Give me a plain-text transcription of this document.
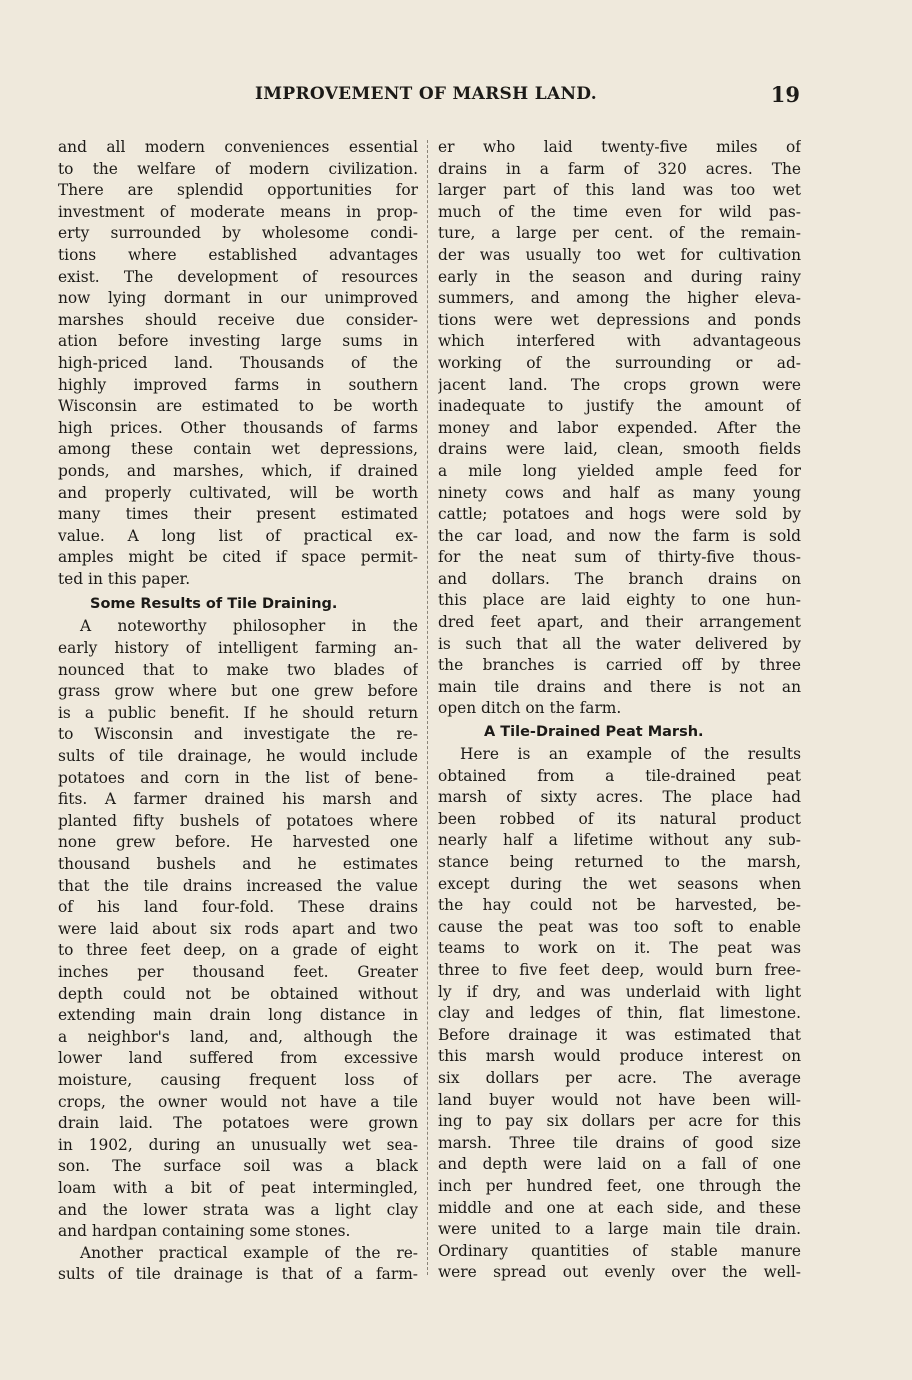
IMPROVEMENT OF MARSH LAND.	19
and all modern conveniences essential
to the welfare of modern civilization.
There are splendid opportunities for
investment of moderate means in prop-
erty surrounded by wholesome condi-
tions where established advantages
exist. The development of resources
now lying dormant in our unimproved
marshes should receive due consider-
ation before investing large sums in
high-priced land. Thousands of the
highly improved farms in southern
Wisconsin are estimated to be worth
high prices. Other thousands of farms
among these contain wet depressions,
ponds, and marshes, which, if drained
and properly cultivated, will be worth
many times their present estimated
value. A long list of practical ex-
amples might be cited if space permit-
ted in this paper.
Some Results of Tile Draining.
A noteworthy philosopher in the
early history of intelligent farming an-
nounced that to make two blades of
grass grow where but one grew before
is a public benefit. If he should return
to Wisconsin and investigate the re-
sults of tile drainage, he would include
potatoes and corn in the list of bene-
fits. A farmer drained his marsh and
planted fifty bushels of potatoes where
none grew before. He harvested one
thousand bushels and he estimates
that the tile drains increased the value
of his land four-fold. These drains
were laid about six rods apart and two
to three feet deep, on a grade of eight
inches per thousand feet. Greater
depth could not be obtained without
extending main drain long distance in
a neighbor's land, and, although the
lower land suffered from excessive
moisture, causing frequent loss of
crops, the owner would not have a tile
drain laid. The potatoes were grown
in 1902, during an unusually wet sea-
son. The surface soil was a black
loam with a bit of peat intermingled,
and the lower strata was a light clay
and hardpan containing some stones.
Another practical example of the re-
sults of tile drainage is that of a farm-
er who laid twenty-five miles of
drains in a farm of 320 acres. The
larger part of this land was too wet
much of the time even for wild pas-
ture, a large per cent. of the remain-
der was usually too wet for cultivation
early in the season and during rainy
summers, and among the higher eleva-
tions were wet depressions and ponds
which interfered with advantageous
working of the surrounding or ad-
jacent land. The crops grown were
inadequate to justify the amount of
money and labor expended. After the
drains were laid, clean, smooth fields
a mile long yielded ample feed for
ninety cows and half as many young
cattle; potatoes and hogs were sold by
the car load, and now the farm is sold
for the neat sum of thirty-five thous-
and dollars. The branch drains on
this place are laid eighty to one hun-
dred feet apart, and their arrangement
is such that all the water delivered by
the branches is carried off by three
main tile drains and there is not an
open ditch on the farm.
A Tile-Drained Peat Marsh.
Here is an example of the results
obtained from a tile-drained peat
marsh of sixty acres. The place had
been robbed of its natural product
nearly half a lifetime without any sub-
stance being returned to the marsh,
except during the wet seasons when
the hay could not be harvested, be-
cause the peat was too soft to enable
teams to work on it. The peat was
three to five feet deep, would burn free-
ly if dry, and was underlaid with light
clay and ledges of thin, flat limestone.
Before drainage it was estimated that
this marsh would produce interest on
six dollars per acre. The average
land buyer would not have been will-
ing to pay six dollars per acre for this
marsh. Three tile drains of good size
and depth were laid on a fall of one
inch per hundred feet, one through the
middle and one at each side, and these
were united to a large main tile drain.
Ordinary quantities of stable manure
were spread out evenly over the well-
